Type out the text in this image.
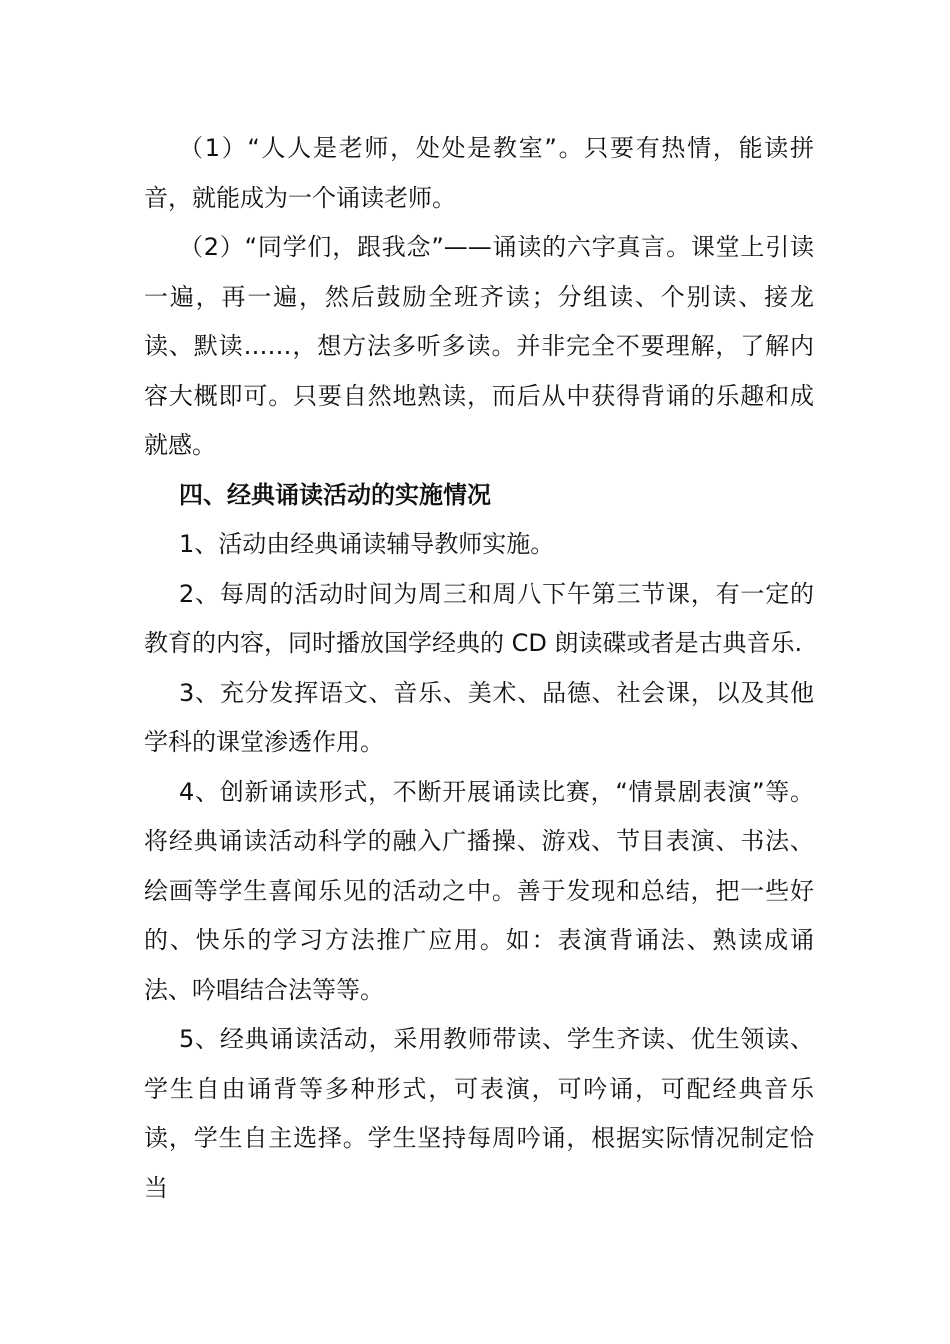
（1）“人人是老师，处处是教室”。只要有热情，能读拼音，就能成为一个诵读老师。

（2）“同学们，跟我念”——诵读的六字真言。课堂上引读一遍，再一遍，然后鼓励全班齐读；分组读、个别读、接龙读、默读……，想方法多听多读。并非完全不要理解，了解内容大概即可。只要自然地熟读，而后从中获得背诵的乐趣和成就感。

四、经典诵读活动的实施情况

1、活动由经典诵读辅导教师实施。

2、每周的活动时间为周三和周八下午第三节课，有一定的教育的内容，同时播放国学经典的 CD 朗读碟或者是古典音乐.

3、充分发挥语文、音乐、美术、品德、社会课，以及其他学科的课堂渗透作用。

4、创新诵读形式，不断开展诵读比赛，“情景剧表演”等。将经典诵读活动科学的融入广播操、游戏、节目表演、书法、绘画等学生喜闻乐见的活动之中。善于发现和总结，把一些好的、快乐的学习方法推广应用。如：表演背诵法、熟读成诵法、吟唱结合法等等。

5、经典诵读活动，采用教师带读、学生齐读、优生领读、学生自由诵背等多种形式，可表演，可吟诵，可配经典音乐读，学生自主选择。学生坚持每周吟诵，根据实际情况制定恰当
